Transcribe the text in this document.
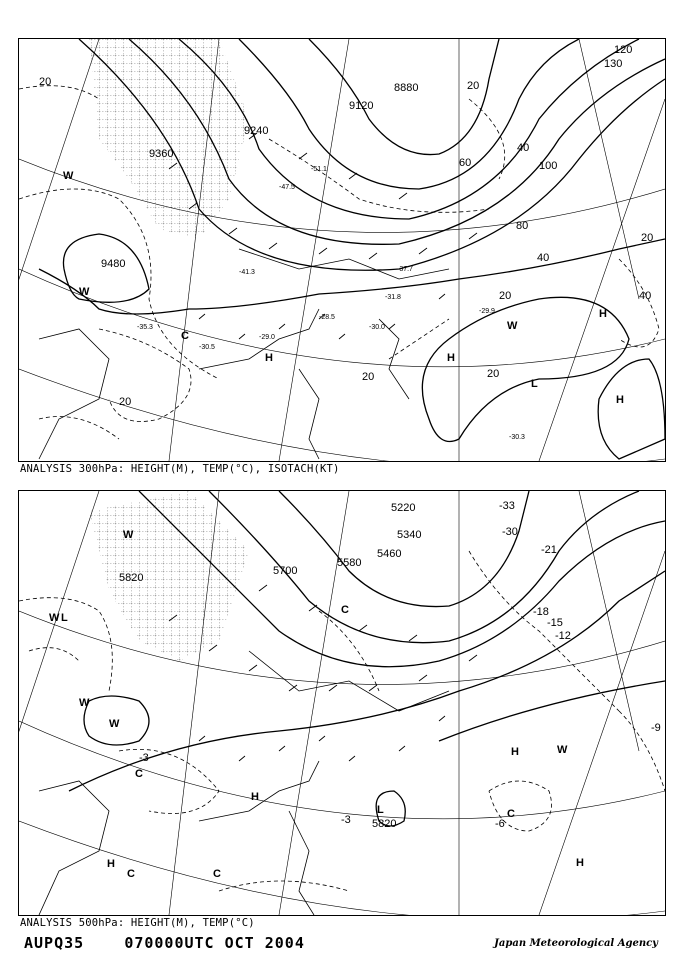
8880
9120
9240
9360
9480
20	20
40
60
80
100
130
120
40
20
20
20
20
20
40
-51.1
-47.5
-41.3	-37.7
-31.8
-28.5
-35.3
-29.0
-30.5
-29.9
-30.3
-30.0
H	H
H
H
L
W
W
W
C
ANALYSIS 300hPa: HEIGHT(M), TEMP(°C), ISOTACH(KT)
5220
5340
5460
5580
5700
5820
5820
-33
-30
-21
-18
-15
-12
-9
-6
-3
-3
W
W
W
W
W
L
L
C
C
C	C
C
H
H
H
H
ANALYSIS 500hPa: HEIGHT(M), TEMP(°C)
AUPQ35	070000UTC OCT 2004	Japan Meteorological Agency
